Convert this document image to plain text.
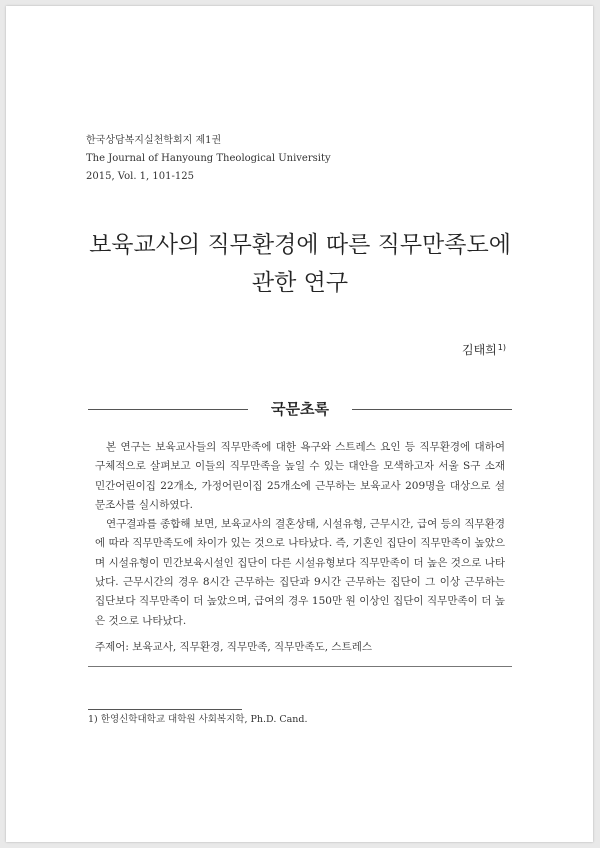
한국상담복지실천학회지 제1권
The Journal of Hanyoung Theological University
2015, Vol. 1, 101-125
보육교사의 직무환경에 따른 직무만족도에
관한 연구
김태희$^{1)}$
국문초록

본 연구는 보육교사들의 직무만족에 대한 욕구와 스트레스 요인 등 직무환경에 대하여 구체적으로 살펴보고 이들의 직무만족을 높일 수 있는 대안을 모색하고자 서울 S구 소재 민간어린이집 22개소, 가정어린이집 25개소에 근무하는 보육교사 209명을 대상으로 설문조사를 실시하였다.

연구결과를 종합해 보면, 보육교사의 결혼상태, 시설유형, 근무시간, 급여 등의 직무환경에 따라 직무만족도에 차이가 있는 것으로 나타났다. 즉, 기혼인 집단이 직무만족이 높았으며 시설유형이 민간보육시설인 집단이 다른 시설유형보다 직무만족이 더 높은 것으로 나타났다. 근무시간의 경우 8시간 근무하는 집단과 9시간 근무하는 집단이 그 이상 근무하는 집단보다 직무만족이 더 높았으며, 급여의 경우 150만 원 이상인 집단이 직무만족이 더 높은 것으로 나타났다.

주제어: 보육교사, 직무환경, 직무만족, 직무만족도, 스트레스
1) 한영신학대학교 대학원 사회복지학, Ph.D. Cand.
